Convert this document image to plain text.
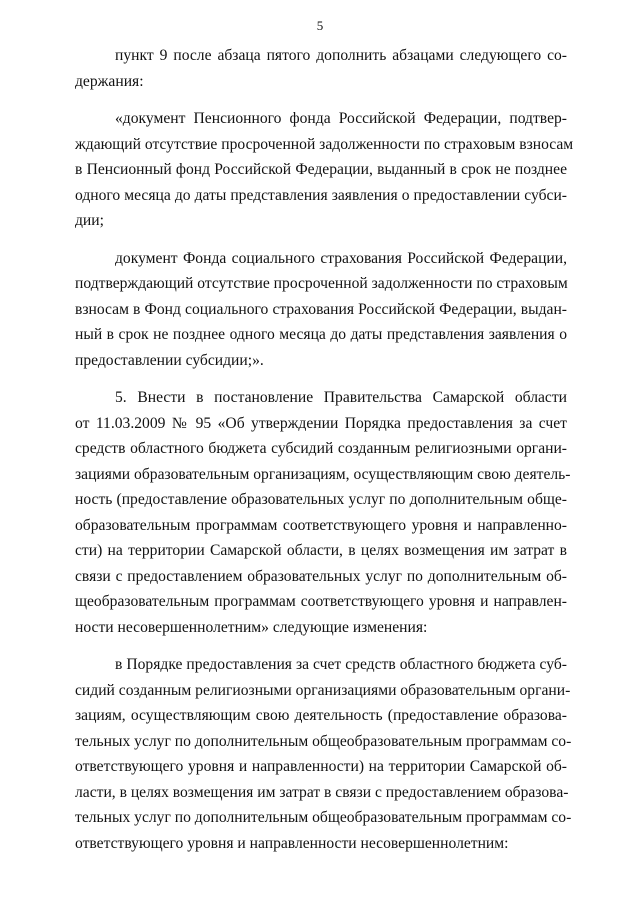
5
пункт 9 после абзаца пятого дополнить абзацами следующего со-
держания:
«документ Пенсионного фонда Российской Федерации, подтвер-
ждающий отсутствие просроченной задолженности по страховым взносам
в Пенсионный фонд Российской Федерации, выданный в срок не позднее
одного месяца до даты представления заявления о предоставлении субси-
дии;
документ Фонда социального страхования Российской Федерации,
подтверждающий отсутствие просроченной задолженности по страховым
взносам в Фонд социального страхования Российской Федерации, выдан-
ный в срок не позднее одного месяца до даты представления заявления о
предоставлении субсидии;».
5. Внести в постановление Правительства Самарской области
от 11.03.2009 № 95 «Об утверждении Порядка предоставления за счет
средств областного бюджета субсидий созданным религиозными органи-
зациями образовательным организациям, осуществляющим свою деятель-
ность (предоставление образовательных услуг по дополнительным обще-
образовательным программам соответствующего уровня и направленно-
сти) на территории Самарской области, в целях возмещения им затрат в
связи с предоставлением образовательных услуг по дополнительным об-
щеобразовательным программам соответствующего уровня и направлен-
ности несовершеннолетним» следующие изменения:
в Порядке предоставления за счет средств областного бюджета суб-
сидий созданным религиозными организациями образовательным органи-
зациям, осуществляющим свою деятельность (предоставление образова-
тельных услуг по дополнительным общеобразовательным программам со-
ответствующего уровня и направленности) на территории Самарской об-
ласти, в целях возмещения им затрат в связи с предоставлением образова-
тельных услуг по дополнительным общеобразовательным программам со-
ответствующего уровня и направленности несовершеннолетним:
